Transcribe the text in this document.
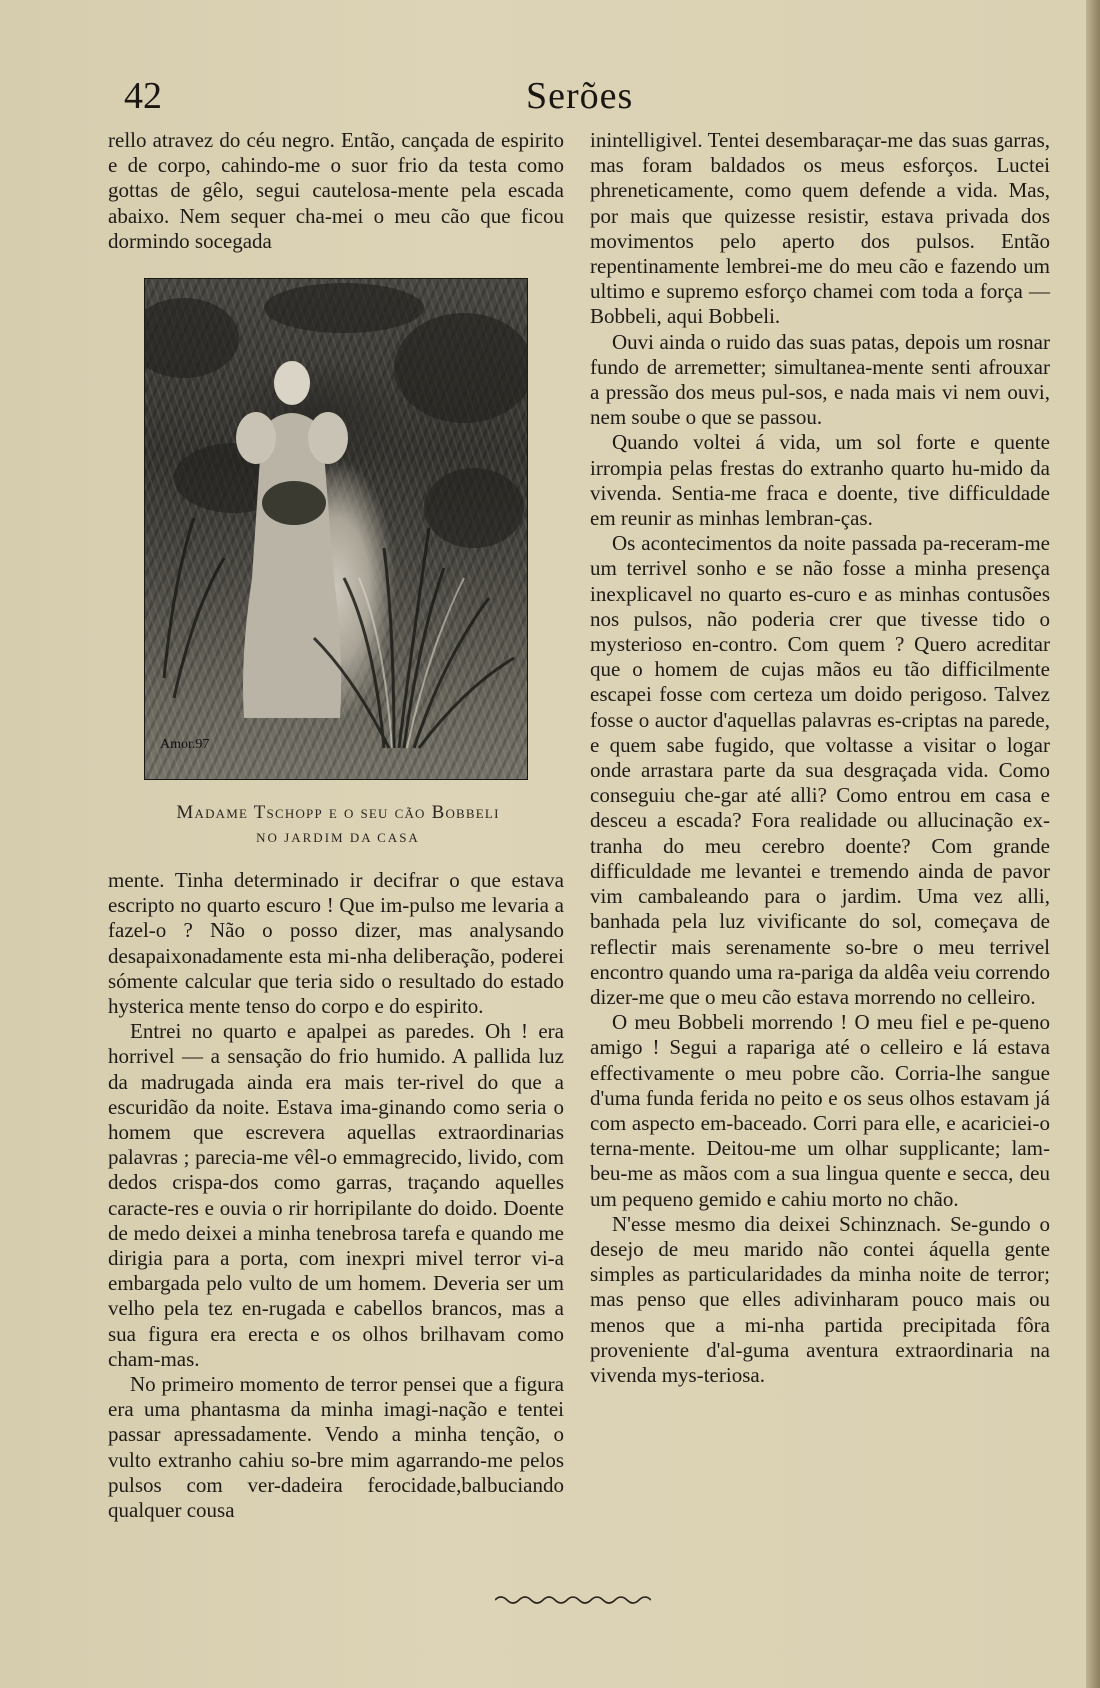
42	Serões

rello atravez do céu negro. Então, cançada de espirito e de corpo, cahindo-me o suor frio da testa como gottas de gêlo, segui cautelosa-mente pela escada abaixo. Nem sequer cha-mei o meu cão que ficou dormindo socegada

Amor.97
Madame Tschopp e o seu cão Bobbeli
NO JARDIM DA CASA

mente. Tinha determinado ir decifrar o que estava escripto no quarto escuro ! Que im-pulso me levaria a fazel-o ? Não o posso dizer, mas analysando desapaixonadamente esta mi-nha deliberação, poderei sómente calcular que teria sido o resultado do estado hysterica mente tenso do corpo e do espirito.

Entrei no quarto e apalpei as paredes. Oh ! era horrivel — a sensação do frio humido. A pallida luz da madrugada ainda era mais ter-rivel do que a escuridão da noite. Estava ima-ginando como seria o homem que escrevera aquellas extraordinarias palavras ; parecia-me vêl-o emmagrecido, livido, com dedos crispa-dos como garras, traçando aquelles caracte-res e ouvia o rir horripilante do doido. Doente de medo deixei a minha tenebrosa tarefa e quando me dirigia para a porta, com inexpri mivel terror vi-a embargada pelo vulto de um homem. Deveria ser um velho pela tez en-rugada e cabellos brancos, mas a sua figura era erecta e os olhos brilhavam como cham-mas.

No primeiro momento de terror pensei que a figura era uma phantasma da minha imagi-nação e tentei passar apressadamente. Vendo a minha tenção, o vulto extranho cahiu so-bre mim agarrando-me pelos pulsos com ver-dadeira ferocidade,balbuciando qualquer cousa

inintelligivel. Tentei desembaraçar-me das suas garras, mas foram baldados os meus esforços. Luctei phreneticamente, como quem defende a vida. Mas, por mais que quizesse resistir, estava privada dos movimentos pelo aperto dos pulsos. Então repentinamente lembrei-me do meu cão e fazendo um ultimo e supremo esforço chamei com toda a força — Bobbeli, aqui Bobbeli.

Ouvi ainda o ruido das suas patas, depois um rosnar fundo de arremetter; simultanea-mente senti afrouxar a pressão dos meus pul-sos, e nada mais vi nem ouvi, nem soube o que se passou.

Quando voltei á vida, um sol forte e quente irrompia pelas frestas do extranho quarto hu-mido da vivenda. Sentia-me fraca e doente, tive difficuldade em reunir as minhas lembran-ças.

Os acontecimentos da noite passada pa-receram-me um terrivel sonho e se não fosse a minha presença inexplicavel no quarto es-curo e as minhas contusões nos pulsos, não poderia crer que tivesse tido o mysterioso en-contro. Com quem ? Quero acreditar que o homem de cujas mãos eu tão difficilmente escapei fosse com certeza um doido perigoso. Talvez fosse o auctor d'aquellas palavras es-criptas na parede, e quem sabe fugido, que voltasse a visitar o logar onde arrastara parte da sua desgraçada vida. Como conseguiu che-gar até alli? Como entrou em casa e desceu a escada? Fora realidade ou allucinação ex-tranha do meu cerebro doente? Com grande difficuldade me levantei e tremendo ainda de pavor vim cambaleando para o jardim. Uma vez alli, banhada pela luz vivificante do sol, começava de reflectir mais serenamente so-bre o meu terrivel encontro quando uma ra-pariga da aldêa veiu correndo dizer-me que o meu cão estava morrendo no celleiro.

O meu Bobbeli morrendo ! O meu fiel e pe-queno amigo ! Segui a rapariga até o celleiro e lá estava effectivamente o meu pobre cão. Corria-lhe sangue d'uma funda ferida no peito e os seus olhos estavam já com aspecto em-baceado. Corri para elle, e acariciei-o terna-mente. Deitou-me um olhar supplicante; lam-beu-me as mãos com a sua lingua quente e secca, deu um pequeno gemido e cahiu morto no chão.

N'esse mesmo dia deixei Schinznach. Se-gundo o desejo de meu marido não contei áquella gente simples as particularidades da minha noite de terror; mas penso que elles adivinharam pouco mais ou menos que a mi-nha partida precipitada fôra proveniente d'al-guma aventura extraordinaria na vivenda mys-teriosa.
